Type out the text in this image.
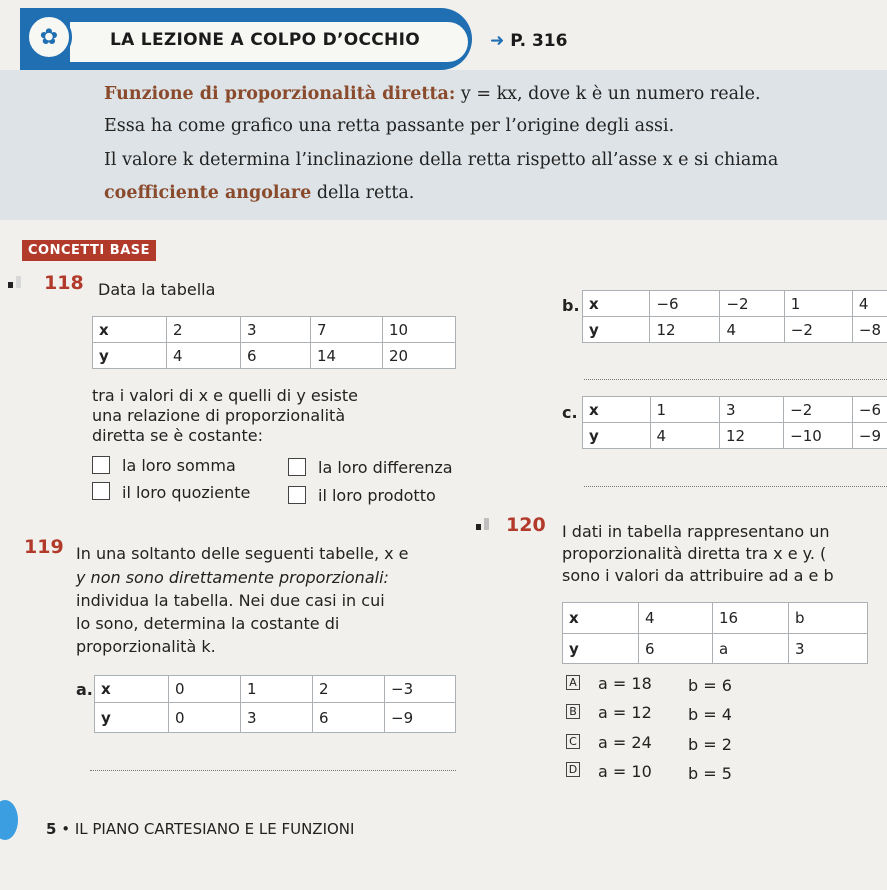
✿	LA LEZIONE A COLPO D’OCCHIO	➜ P. 316
Funzione di proporzionalità diretta: y = kx, dove k è un numero reale.
Essa ha come grafico una retta passante per l’origine degli assi.
Il valore k determina l’inclinazione della retta rispetto all’asse x e si chiama
coefficiente angolare della retta.
CONCETTI BASE
118 Data la tabella
x	2	3	7	10
y	4	6	14	20
tra i valori di x e quelli di y esiste
una relazione di proporzionalità
diretta se è costante:
la loro somma	la loro differenza
il loro quoziente	il loro prodotto
119 In una soltanto delle seguenti tabelle, x e
y non sono direttamente proporzionali:
individua la tabella. Nei due casi in cui
lo sono, determina la costante di
proporzionalità k.
a. x	0	1	2	−3
y	0	3	6	−9
b. x	−6	−2	1	4
y	12	4	−2	−8
c. x	1	3	−2	−6
y	4	12	−10	−9
120 I dati in tabella rappresentano un
proporzionalità diretta tra x e y. (
sono i valori da attribuire ad a e b
x	4	16	b
y	6	a	3
A a = 18 b = 6
B a = 12 b = 4
C a = 24 b = 2
D a = 10 b = 5
5 • IL PIANO CARTESIANO E LE FUNZIONI
